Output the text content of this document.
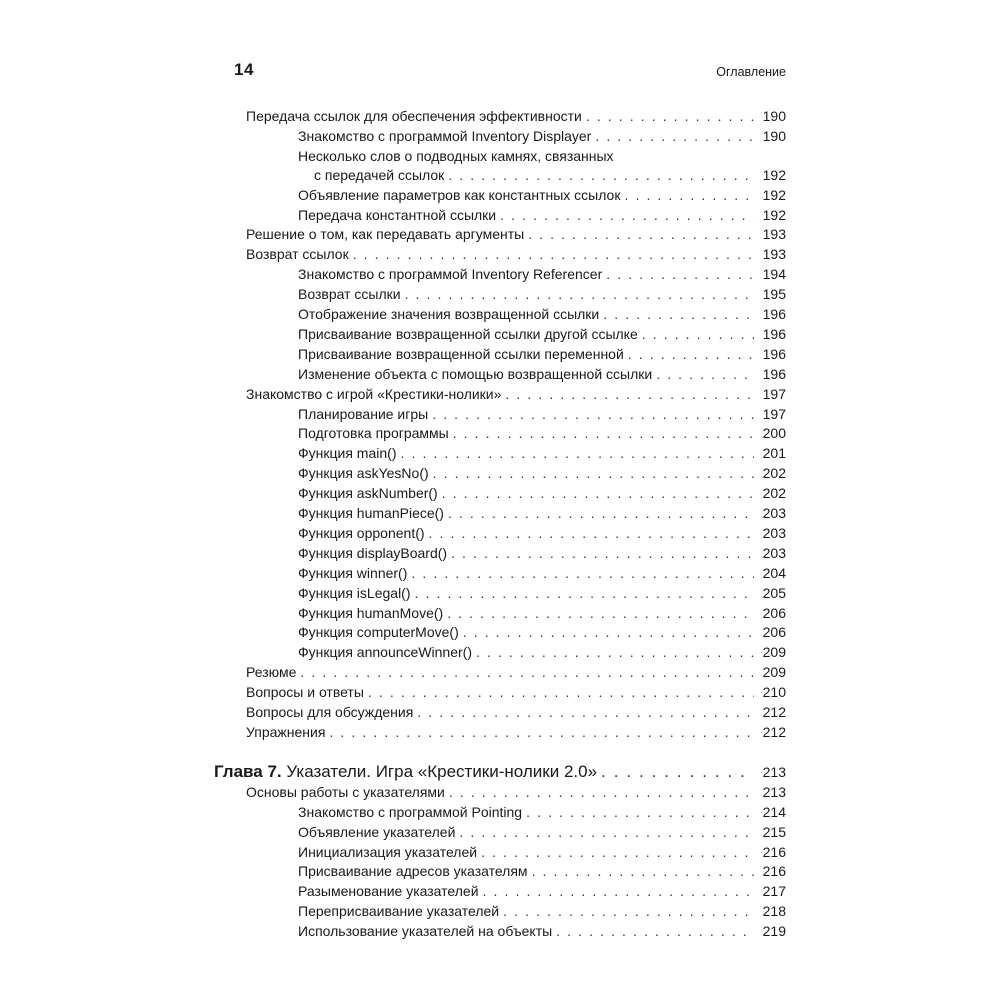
14	Оглавление
Передача ссылок для обеспечения эффективности . . .	190
Знакомство с программой Inventory Displayer . . .	190
Несколько слов о подводных камнях, связанных
с передачей ссылок . . .	192
Объявление параметров как константных ссылок . . .	192
Передача константной ссылки . . .	192
Решение о том, как передавать аргументы . . .	193
Возврат ссылок . . .	193
Знакомство с программой Inventory Referencer . . .	194
Возврат ссылки . . .	195
Отображение значения возвращенной ссылки . . .	196
Присваивание возвращенной ссылки другой ссылке . . .	196
Присваивание возвращенной ссылки переменной . . .	196
Изменение объекта с помощью возвращенной ссылки . . .	196
Знакомство с игрой «Крестики-нолики» . . .	197
Планирование игры . . .	197
Подготовка программы . . .	200
Функция main() . . .	201
Функция askYesNo() . . .	202
Функция askNumber() . . .	202
Функция humanPiece() . . .	203
Функция opponent() . . .	203
Функция displayBoard() . . .	203
Функция winner() . . .	204
Функция isLegal() . . .	205
Функция humanMove() . . .	206
Функция computerMove() . . .	206
Функция announceWinner() . . .	209
Резюме . . .	209
Вопросы и ответы . . .	210
Вопросы для обсуждения . . .	212
Упражнения . . .	212
Глава 7. Указатели. Игра «Крестики-нолики 2.0» . . .	213
Основы работы с указателями . . .	213
Знакомство с программой Pointing . . .	214
Объявление указателей . . .	215
Инициализация указателей . . .	216
Присваивание адресов указателям . . .	216
Разыменование указателей . . .	217
Переприсваивание указателей . . .	218
Использование указателей на объекты . . .	219
